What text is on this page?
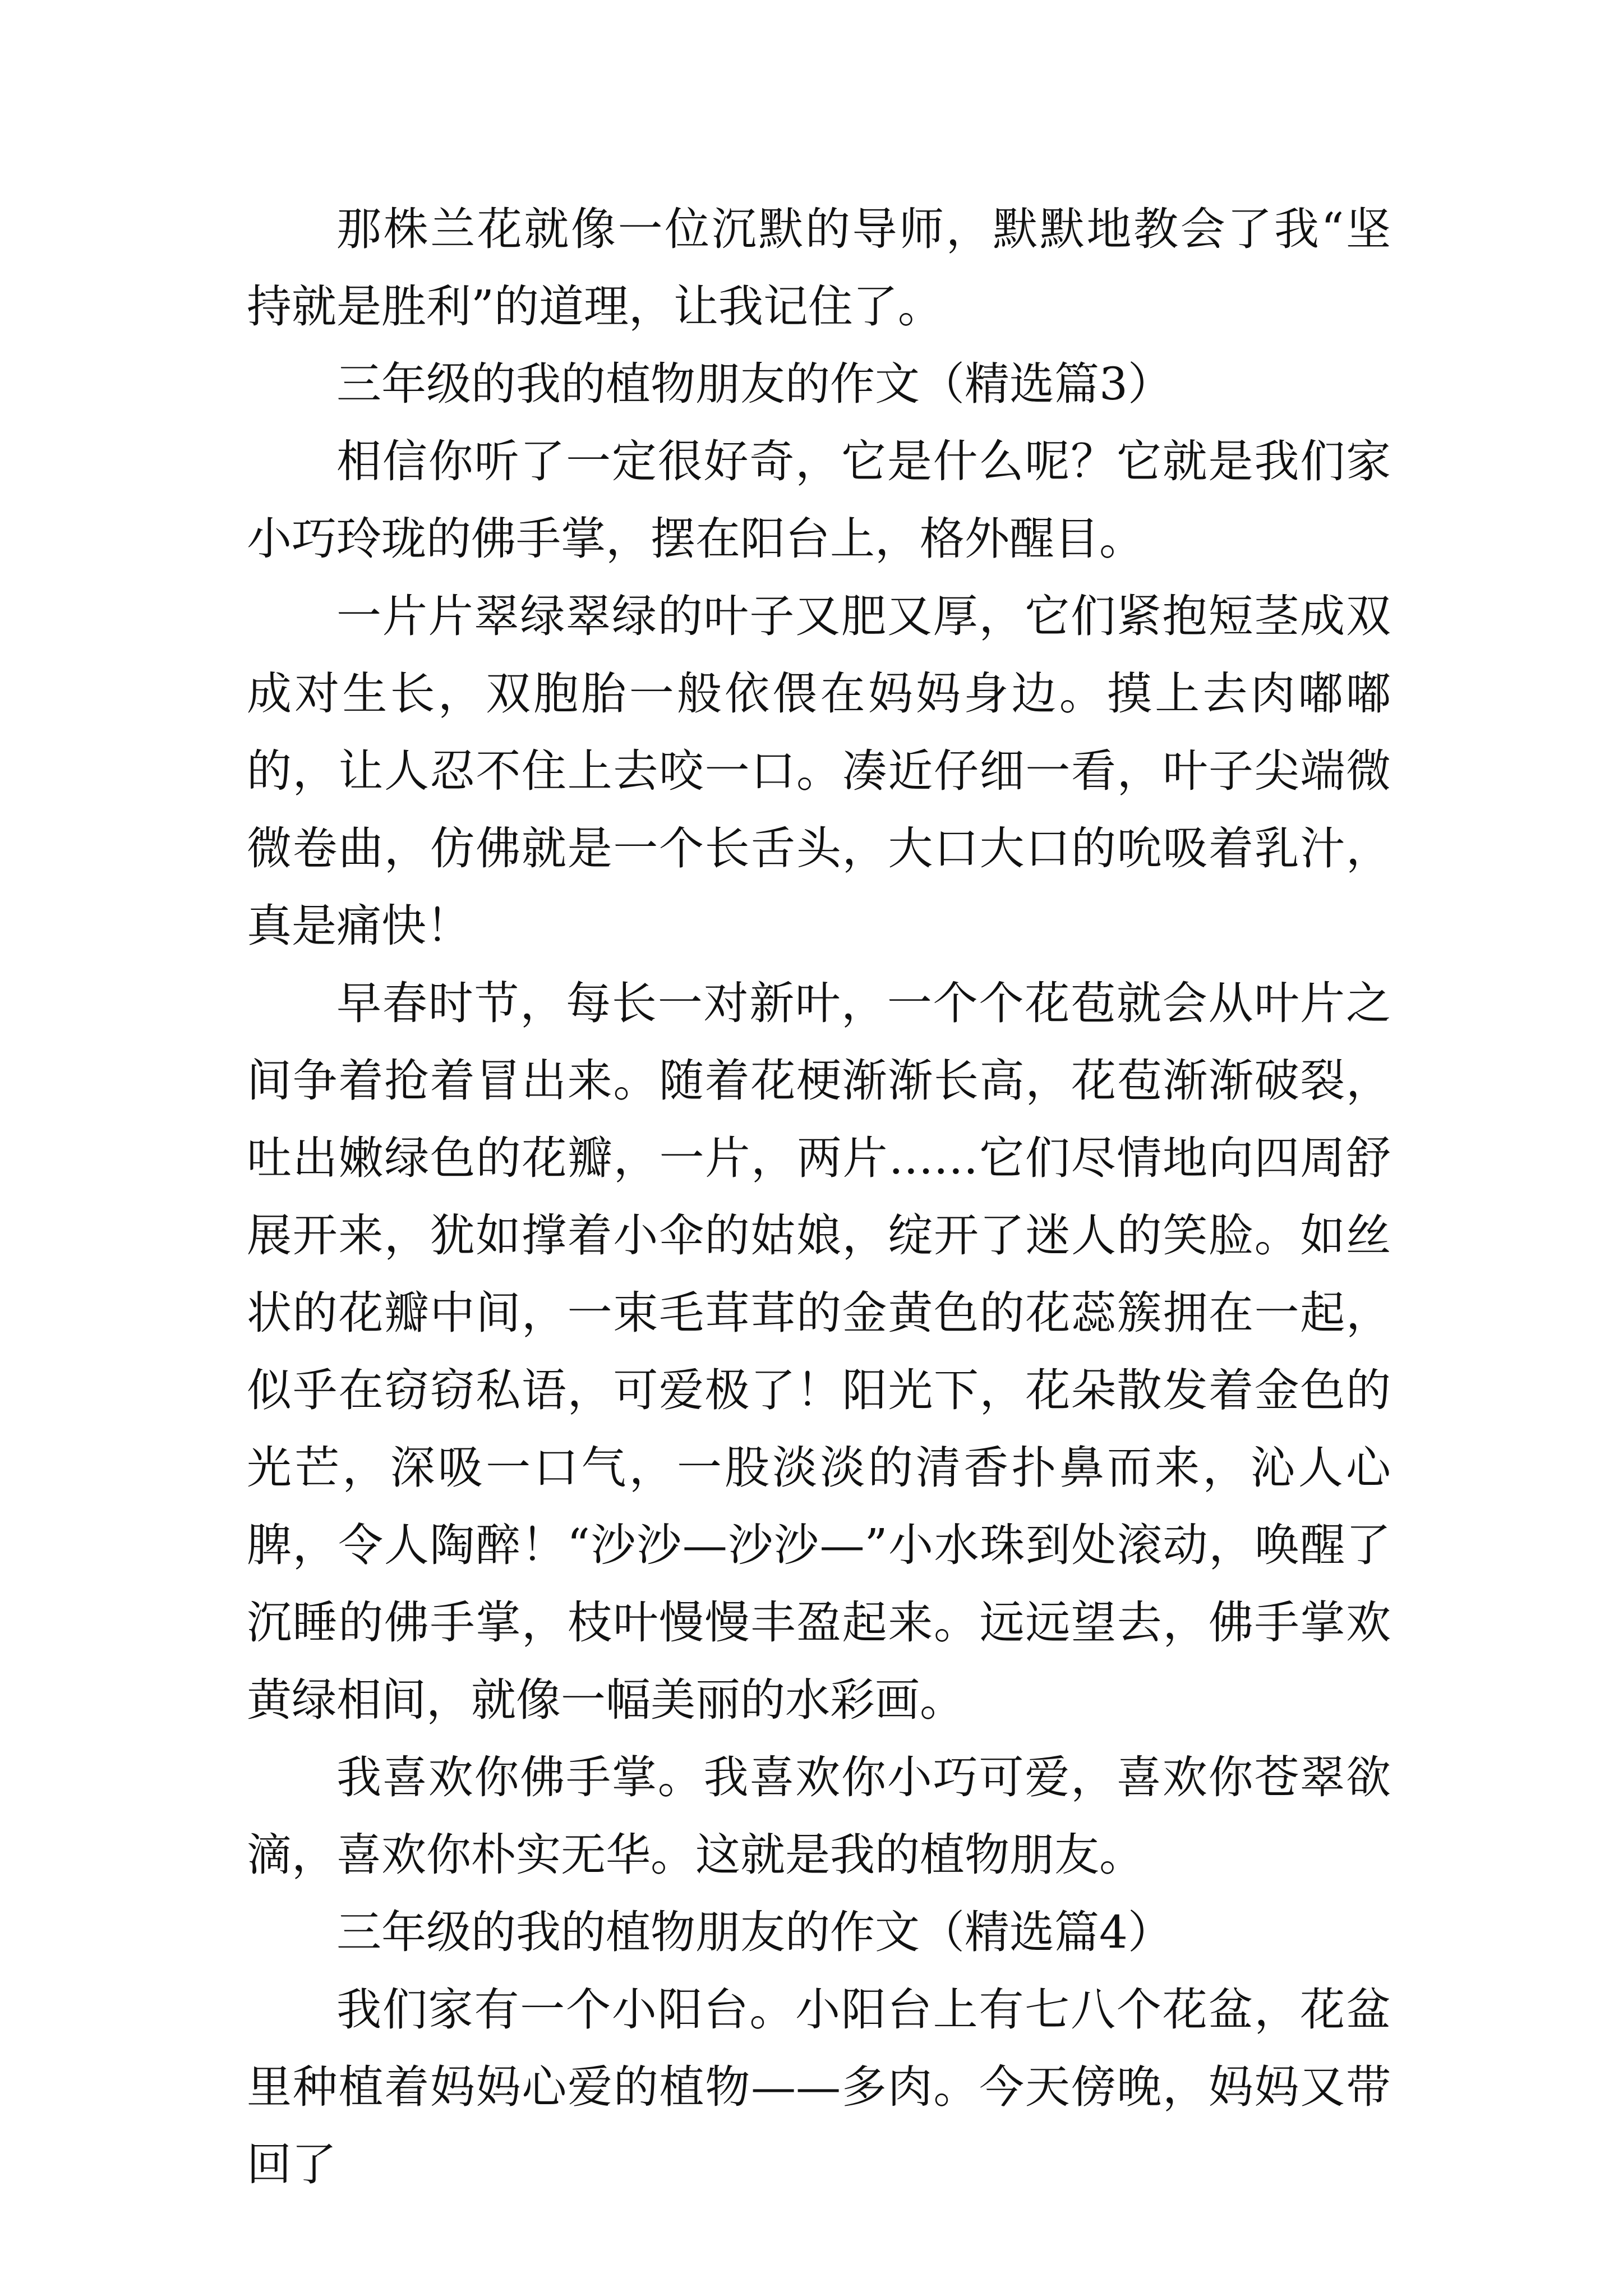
那株兰花就像一位沉默的导师，默默地教会了我“坚持就是胜利”的道理，让我记住了。

三年级的我的植物朋友的作文（精选篇3）

相信你听了一定很好奇，它是什么呢？它就是我们家小巧玲珑的佛手掌，摆在阳台上，格外醒目。

一片片翠绿翠绿的叶子又肥又厚，它们紧抱短茎成双成对生长，双胞胎一般依偎在妈妈身边。摸上去肉嘟嘟的，让人忍不住上去咬一口。凑近仔细一看，叶子尖端微微卷曲，仿佛就是一个长舌头，大口大口的吮吸着乳汁，真是痛快！

早春时节，每长一对新叶，一个个花苞就会从叶片之间争着抢着冒出来。随着花梗渐渐长高，花苞渐渐破裂，吐出嫩绿色的花瓣，一片，两片……它们尽情地向四周舒展开来，犹如撑着小伞的姑娘，绽开了迷人的笑脸。如丝状的花瓣中间，一束毛茸茸的金黄色的花蕊簇拥在一起，似乎在窃窃私语，可爱极了！阳光下，花朵散发着金色的光芒，深吸一口气，一股淡淡的清香扑鼻而来，沁人心脾，令人陶醉！“沙沙—沙沙—”小水珠到处滚动，唤醒了沉睡的佛手掌，枝叶慢慢丰盈起来。远远望去，佛手掌欢黄绿相间，就像一幅美丽的水彩画。

我喜欢你佛手掌。我喜欢你小巧可爱，喜欢你苍翠欲滴，喜欢你朴实无华。这就是我的植物朋友。

三年级的我的植物朋友的作文（精选篇4）

我们家有一个小阳台。小阳台上有七八个花盆，花盆里种植着妈妈心爱的植物——多肉。今天傍晚，妈妈又带回了
